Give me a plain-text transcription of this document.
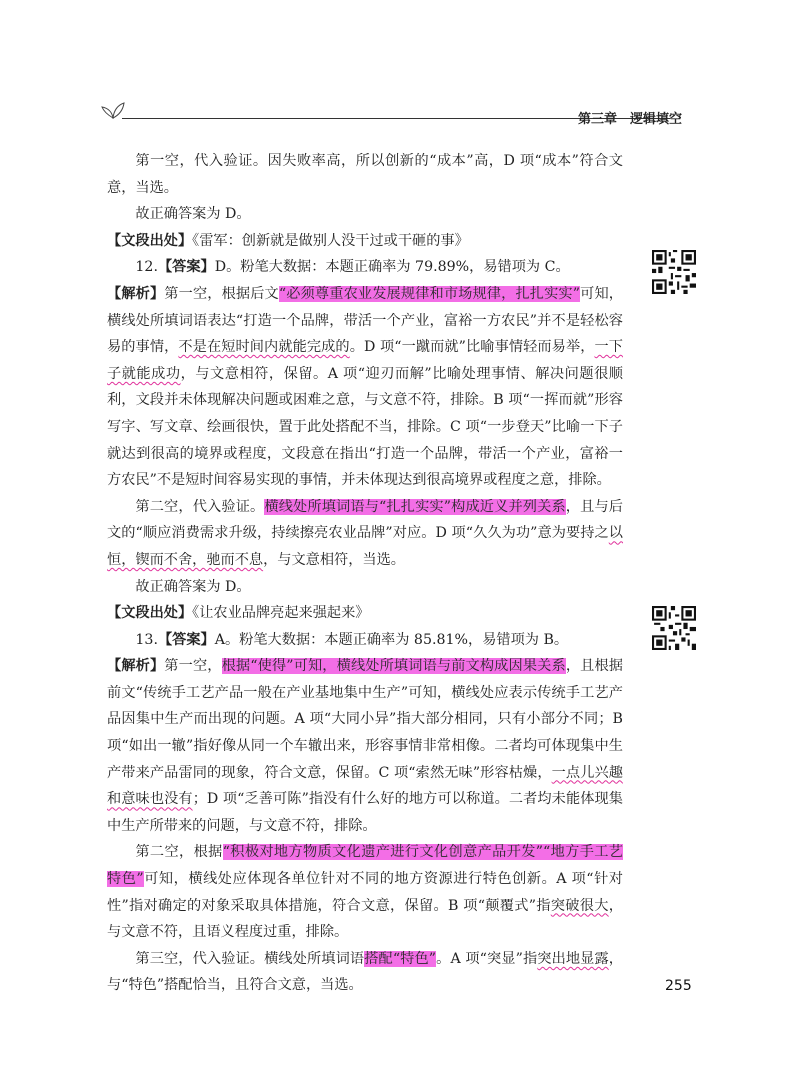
第三章　逻辑填空

第一空，代入验证。因失败率高，所以创新的“成本”高，D 项“成本”符合文意，当选。

故正确答案为 D。

【文段出处】《雷军：创新就是做别人没干过或干砸的事》

12.【答案】D。粉笔大数据：本题正确率为 79.89%，易错项为 C。

【解析】第一空，根据后文“必须尊重农业发展规律和市场规律，扎扎实实”可知，横线处所填词语表达“打造一个品牌，带活一个产业，富裕一方农民”并不是轻松容易的事情，不是在短时间内就能完成的。D 项“一蹴而就”比喻事情轻而易举，一下子就能成功，与文意相符，保留。A 项“迎刃而解”比喻处理事情、解决问题很顺利，文段并未体现解决问题或困难之意，与文意不符，排除。B 项“一挥而就”形容写字、写文章、绘画很快，置于此处搭配不当，排除。C 项“一步登天”比喻一下子就达到很高的境界或程度，文段意在指出“打造一个品牌，带活一个产业，富裕一方农民”不是短时间容易实现的事情，并未体现达到很高境界或程度之意，排除。

第二空，代入验证。横线处所填词语与“扎扎实实”构成近义并列关系，且与后文的“顺应消费需求升级，持续擦亮农业品牌”对应。D 项“久久为功”意为要持之以恒，锲而不舍，驰而不息，与文意相符，当选。

故正确答案为 D。

【文段出处】《让农业品牌亮起来强起来》

13.【答案】A。粉笔大数据：本题正确率为 85.81%，易错项为 B。

【解析】第一空，根据“使得”可知，横线处所填词语与前文构成因果关系，且根据前文“传统手工艺产品一般在产业基地集中生产”可知，横线处应表示传统手工艺产品因集中生产而出现的问题。A 项“大同小异”指大部分相同，只有小部分不同；B 项“如出一辙”指好像从同一个车辙出来，形容事情非常相像。二者均可体现集中生产带来产品雷同的现象，符合文意，保留。C 项“索然无味”形容枯燥，一点儿兴趣和意味也没有；D 项“乏善可陈”指没有什么好的地方可以称道。二者均未能体现集中生产所带来的问题，与文意不符，排除。

第二空，根据“积极对地方物质文化遗产进行文化创意产品开发”“地方手工艺特色”可知，横线处应体现各单位针对不同的地方资源进行特色创新。A 项“针对性”指对确定的对象采取具体措施，符合文意，保留。B 项“颠覆式”指突破很大，与文意不符，且语义程度过重，排除。

第三空，代入验证。横线处所填词语搭配“特色”。A 项“突显”指突出地显露，与“特色”搭配恰当，且符合文意，当选。	255
